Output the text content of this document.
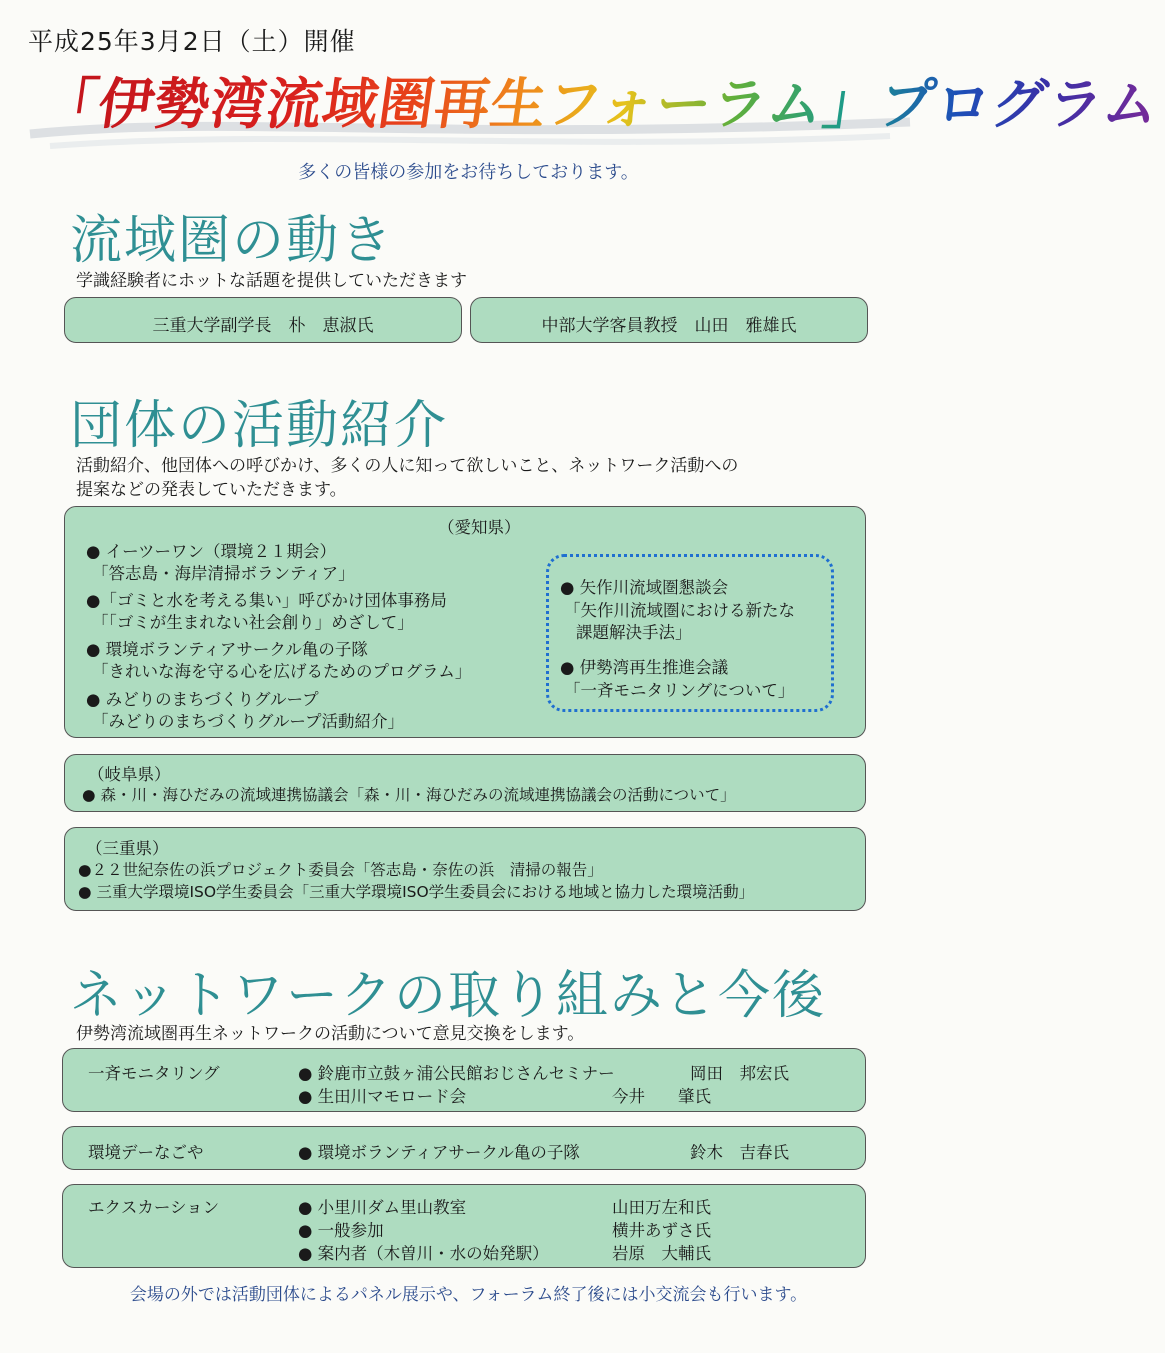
平成25年3月2日（土）開催
「伊勢湾流域圏再生フォーラム」プログラム
多くの皆様の参加をお待ちしております。
流域圏の動き
学識経験者にホットな話題を提供していただきます
三重大学副学長　朴　恵淑氏	中部大学客員教授　山田　雅雄氏
団体の活動紹介
活動紹介、他団体への呼びかけ、多くの人に知って欲しいこと、ネットワーク活動への
提案などの発表していただきます。
（愛知県）
● イーツーワン（環境２１期会）
「答志島・海岸清掃ボランティア」
●「ゴミと水を考える集い」呼びかけ団体事務局
「「ゴミが生まれない社会創り」めざして」
● 環境ボランティアサークル亀の子隊
「きれいな海を守る心を広げるためのプログラム」
● みどりのまちづくりグループ
「みどりのまちづくりグループ活動紹介」
● 矢作川流域圏懇談会
「矢作川流域圏における新たな
課題解決手法」
● 伊勢湾再生推進会議
「一斉モニタリングについて」
（岐阜県）
● 森・川・海ひだみの流域連携協議会「森・川・海ひだみの流域連携協議会の活動について」
（三重県）
●２２世紀奈佐の浜プロジェクト委員会「答志島・奈佐の浜　清掃の報告」
● 三重大学環境ISO学生委員会「三重大学環境ISO学生委員会における地域と協力した環境活動」
ネットワークの取り組みと今後
伊勢湾流域圏再生ネットワークの活動について意見交換をします。
一斉モニタリング	● 鈴鹿市立鼓ヶ浦公民館おじさんセミナー	岡田　邦宏氏
● 生田川マモロード会	今井　　肇氏
環境デーなごや	● 環境ボランティアサークル亀の子隊	鈴木　吉春氏
エクスカーション	● 小里川ダム里山教室	山田万左和氏
● 一般参加	横井あずさ氏
● 案内者（木曽川・水の始発駅）	岩原　大輔氏
会場の外では活動団体によるパネル展示や、フォーラム終了後には小交流会も行います。
